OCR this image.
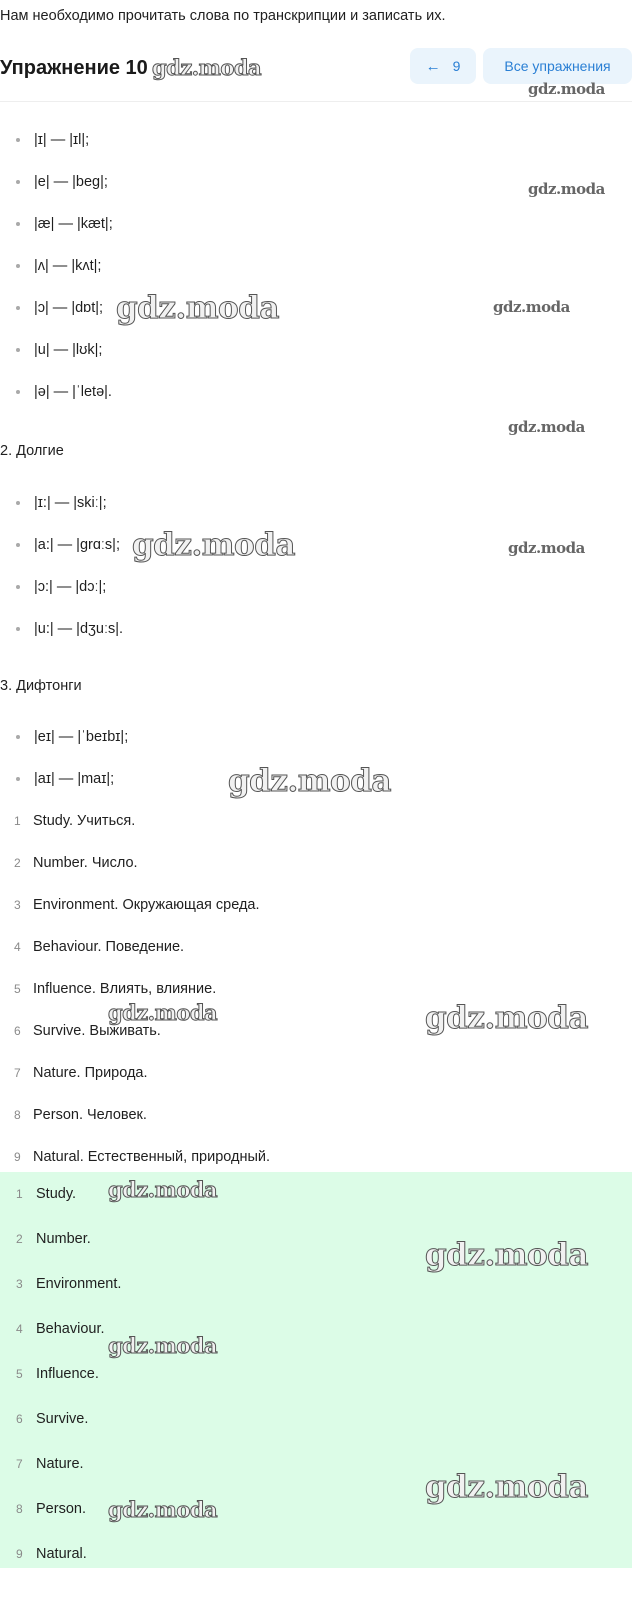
Нам необходимо прочитать слова по транскрипции и записать их.

Упражнение 10	← 9	Все упражнения
|ɪ| — |ɪl|;
|e| — |beg|;
|æ| — |kæt|;
|ʌ| — |kʌt|;
|ɔ| — |dɒt|;
|u| — |lʊk|;
|ə| — |ˈletə|.
2. Долгие
|ɪ:| — |skiː|;
|a:| — |grɑːs|;
|ɔ:| — |dɔː|;
|u:| — |dʒuːs|.
3. Дифтонги
|eɪ| — |ˈbeɪbɪ|;
|aɪ| — |maɪ|;
1 Study. Учиться.
2 Number. Число.
3 Environment. Окружающая среда.
4 Behaviour. Поведение.
5 Influence. Влиять, влияние.
6 Survive. Выживать.
7 Nature. Природа.
8 Person. Человек.
9 Natural. Естественный, природный.
1 Study.
2 Number.
3 Environment.
4 Behaviour.
5 Influence.
6 Survive.
7 Nature.
8 Person.
9 Natural.
gdz.moda
gdz.moda
gdz.moda
gdz.moda	gdz.moda
gdz.moda
gdz.moda	gdz.moda
gdz.moda
gdz.moda	gdz.moda
gdz.moda
gdz.moda
gdz.moda
gdz.moda
gdz.moda
